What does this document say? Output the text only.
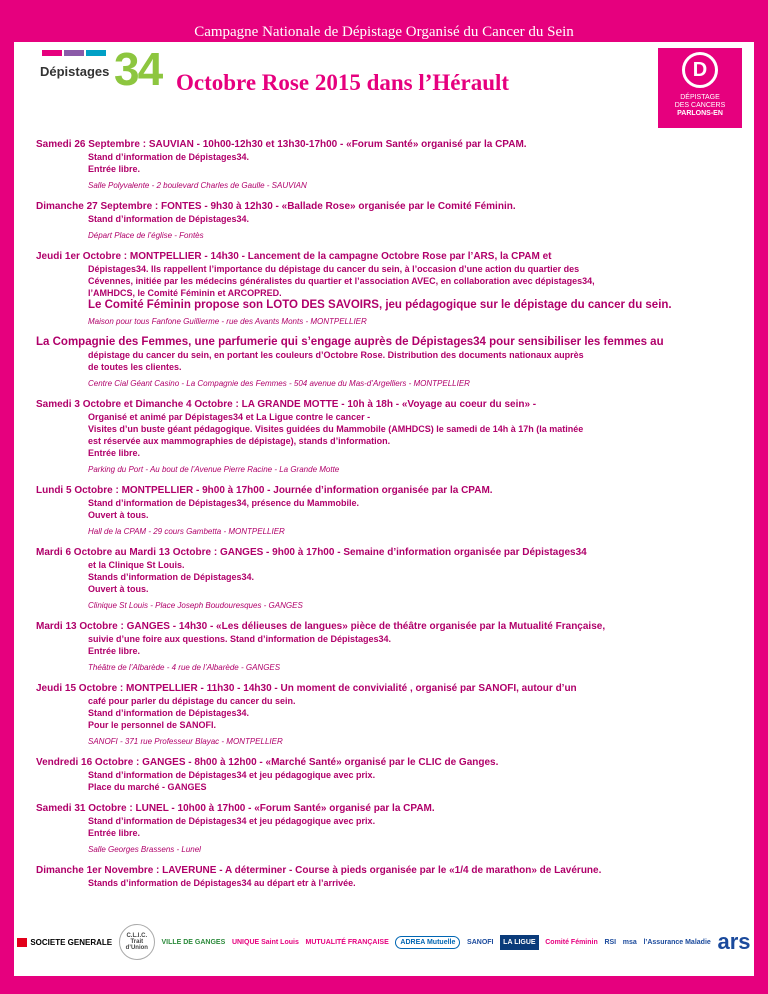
Campagne Nationale de Dépistage Organisé du Cancer du Sein
Dépistages 34 Octobre Rose 2015 dans l’Hérault	D
DÉPISTAGE
DES CANCERS
PARLONS-EN
Samedi 26 Septembre : SAUVIAN - 10h00-12h30 et 13h30-17h00 - «Forum Santé» organisé par la CPAM.
Stand d’information de Dépistages34.
Entrée libre.
Salle Polyvalente - 2 boulevard Charles de Gaulle - SAUVIAN
Dimanche 27 Septembre : FONTES - 9h30 à 12h30 - «Ballade Rose» organisée par le Comité Féminin.
Stand d’information de Dépistages34.
Départ Place de l’église - Fontès
Jeudi 1er Octobre : MONTPELLIER - 14h30 - Lancement de la campagne Octobre Rose par l’ARS, la CPAM et
Dépistages34. Ils rappellent l’importance du dépistage du cancer du sein, à l’occasion d’une action du quartier des
Cévennes, initiée par les médecins généralistes du quartier et l’association AVEC, en collaboration avec dépistages34,
l’AMHDCS, le Comité Féminin et ARCOPRED.
Le Comité Féminin propose son LOTO DES SAVOIRS, jeu pédagogique sur le dépistage du cancer du sein.
Maison pour tous Fanfone Guillierme - rue des Avants Monts - MONTPELLIER
La Compagnie des Femmes, une parfumerie qui s’engage auprès de Dépistages34 pour sensibiliser les femmes au
dépistage du cancer du sein, en portant les couleurs d’Octobre Rose. Distribution des documents nationaux auprès
de toutes les clientes.
Centre Cial Géant Casino - La Compagnie des Femmes - 504 avenue du Mas-d’Argelliers - MONTPELLIER
Samedi 3 Octobre et Dimanche 4 Octobre : LA GRANDE MOTTE - 10h à 18h - «Voyage au coeur du sein» -
Organisé et animé par Dépistages34 et La Ligue contre le cancer -
Visites d’un buste géant pédagogique. Visites guidées du Mammobile (AMHDCS) le samedi de 14h à 17h (la matinée
est réservée aux mammographies de dépistage), stands d’information.
Entrée libre.
Parking du Port - Au bout de l’Avenue Pierre Racine - La Grande Motte
Lundi 5 Octobre : MONTPELLIER - 9h00 à 17h00 - Journée d’information organisée par la CPAM.
Stand d’information de Dépistages34, présence du Mammobile.
Ouvert à tous.
Hall de la CPAM - 29 cours Gambetta - MONTPELLIER
Mardi 6 Octobre au Mardi 13 Octobre : GANGES - 9h00 à 17h00 - Semaine d’information organisée par Dépistages34
et la Clinique St Louis.
Stands d’information de Dépistages34.
Ouvert à tous.
Clinique St Louis - Place Joseph Boudouresques - GANGES
Mardi 13 Octobre : GANGES - 14h30 - «Les délieuses de langues» pièce de théâtre organisée par la Mutualité Française,
suivie d’une foire aux questions. Stand d’information de Dépistages34.
Entrée libre.
Théâtre de l’Albarède - 4 rue de l’Albarède - GANGES
Jeudi 15 Octobre : MONTPELLIER - 11h30 - 14h30 - Un moment de convivialité , organisé par SANOFI, autour d’un
café pour parler du dépistage du cancer du sein.
Stand d’information de Dépistages34.
Pour le personnel de SANOFI.
SANOFI - 371 rue Professeur Blayac - MONTPELLIER
Vendredi 16 Octobre : GANGES - 8h00 à 12h00 - «Marché Santé» organisé par le CLIC de Ganges.
Stand d’information de Dépistages34 et jeu pédagogique avec prix.
Place du marché - GANGES
Samedi 31 Octobre : LUNEL - 10h00 à 17h00 - «Forum Santé» organisé par la CPAM.
Stand d’information de Dépistages34 et jeu pédagogique avec prix.
Entrée libre.
Salle Georges Brassens - Lunel
Dimanche 1er Novembre : LAVERUNE - A déterminer - Course à pieds organisée par le «1/4 de marathon» de Lavérune.
Stands d’information de Dépistages34 au départ etr à l’arrivée.
SOCIETE GENERALE
C.L.I.C. Trait d’Union
VILLE DE GANGES UNIQUE Saint Louis MUTUALITÉ FRANÇAISE	ADREA Mutuelle	SANOFI	LA LIGUE	Comité Féminin RSI msa l’Assurance Maladie ars
